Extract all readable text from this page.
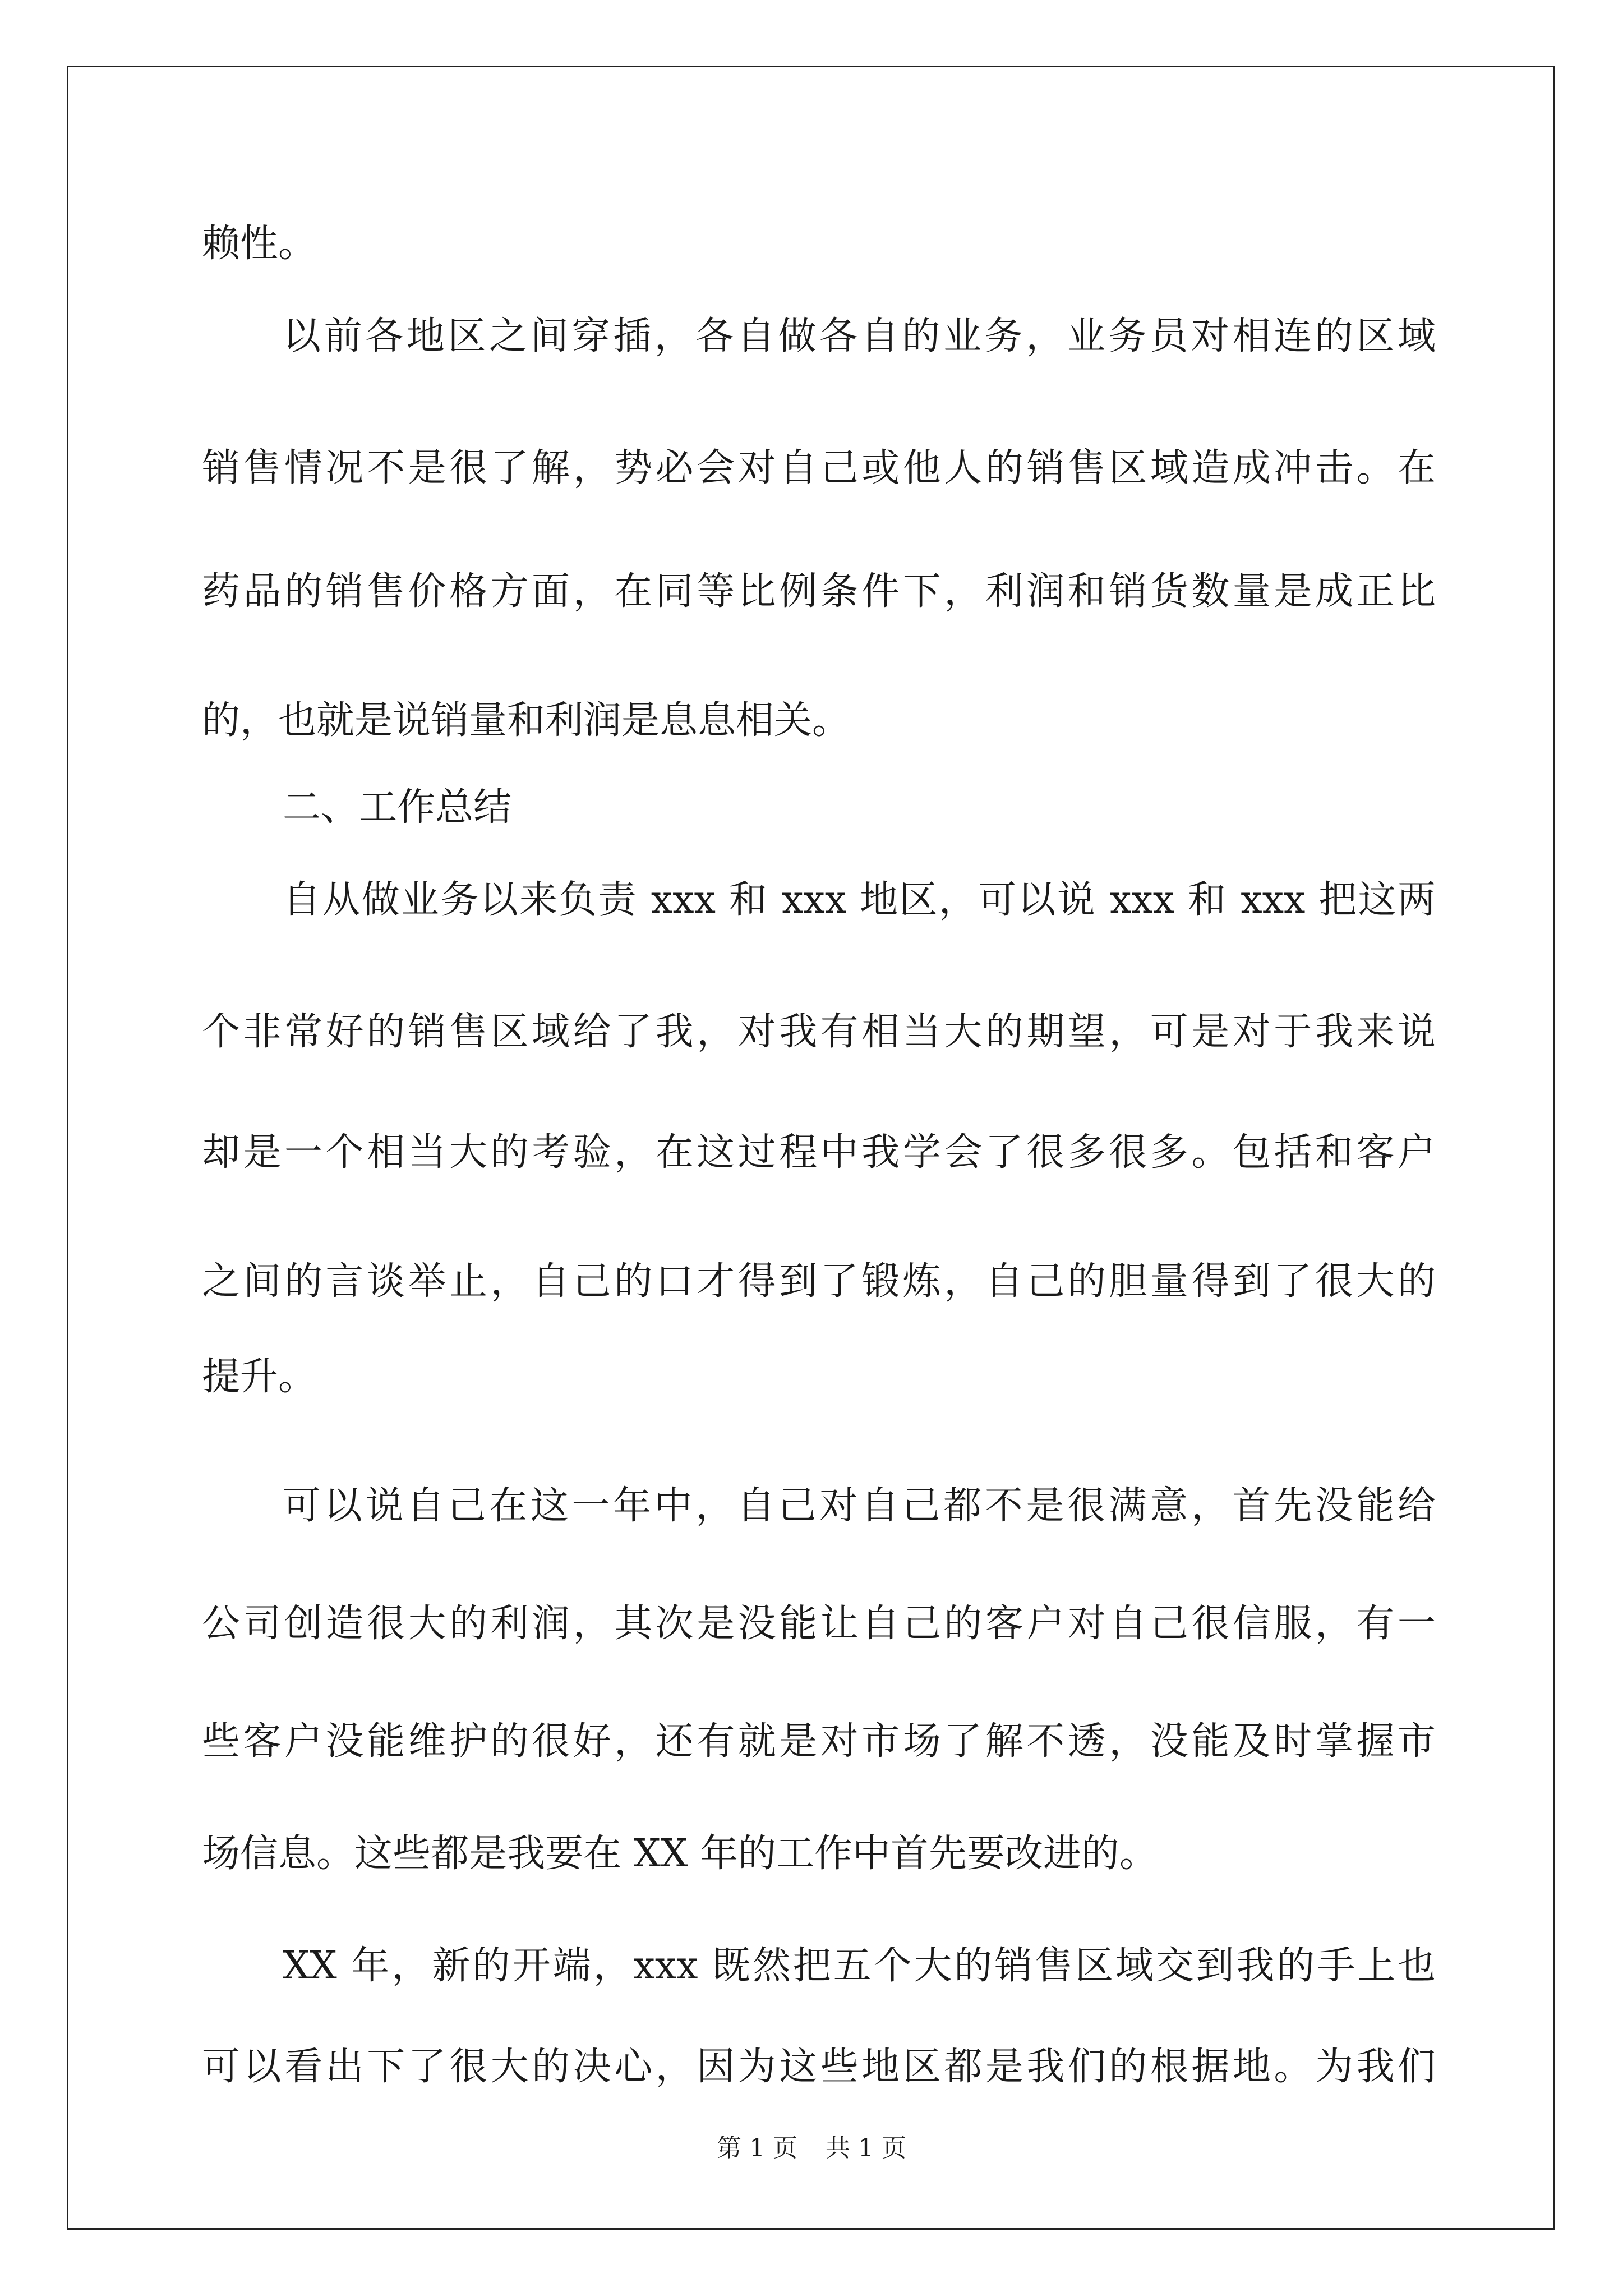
赖性。
以前各地区之间穿插，各自做各自的业务，业务员对相连的区域
销售情况不是很了解，势必会对自己或他人的销售区域造成冲击。在
药品的销售价格方面，在同等比例条件下，利润和销货数量是成正比
的，也就是说销量和利润是息息相关。
二、工作总结
自从做业务以来负责 xxx 和 xxx 地区，可以说 xxx 和 xxx 把这两
个非常好的销售区域给了我，对我有相当大的期望，可是对于我来说
却是一个相当大的考验，在这过程中我学会了很多很多。包括和客户
之间的言谈举止，自己的口才得到了锻炼，自己的胆量得到了很大的
提升。
可以说自己在这一年中，自己对自己都不是很满意，首先没能给
公司创造很大的利润，其次是没能让自己的客户对自己很信服，有一
些客户没能维护的很好，还有就是对市场了解不透，没能及时掌握市
场信息。这些都是我要在 XX 年的工作中首先要改进的。
XX 年，新的开端，xxx 既然把五个大的销售区域交到我的手上也
可以看出下了很大的决心，因为这些地区都是我们的根据地。为我们
第 1 页 共 1 页
